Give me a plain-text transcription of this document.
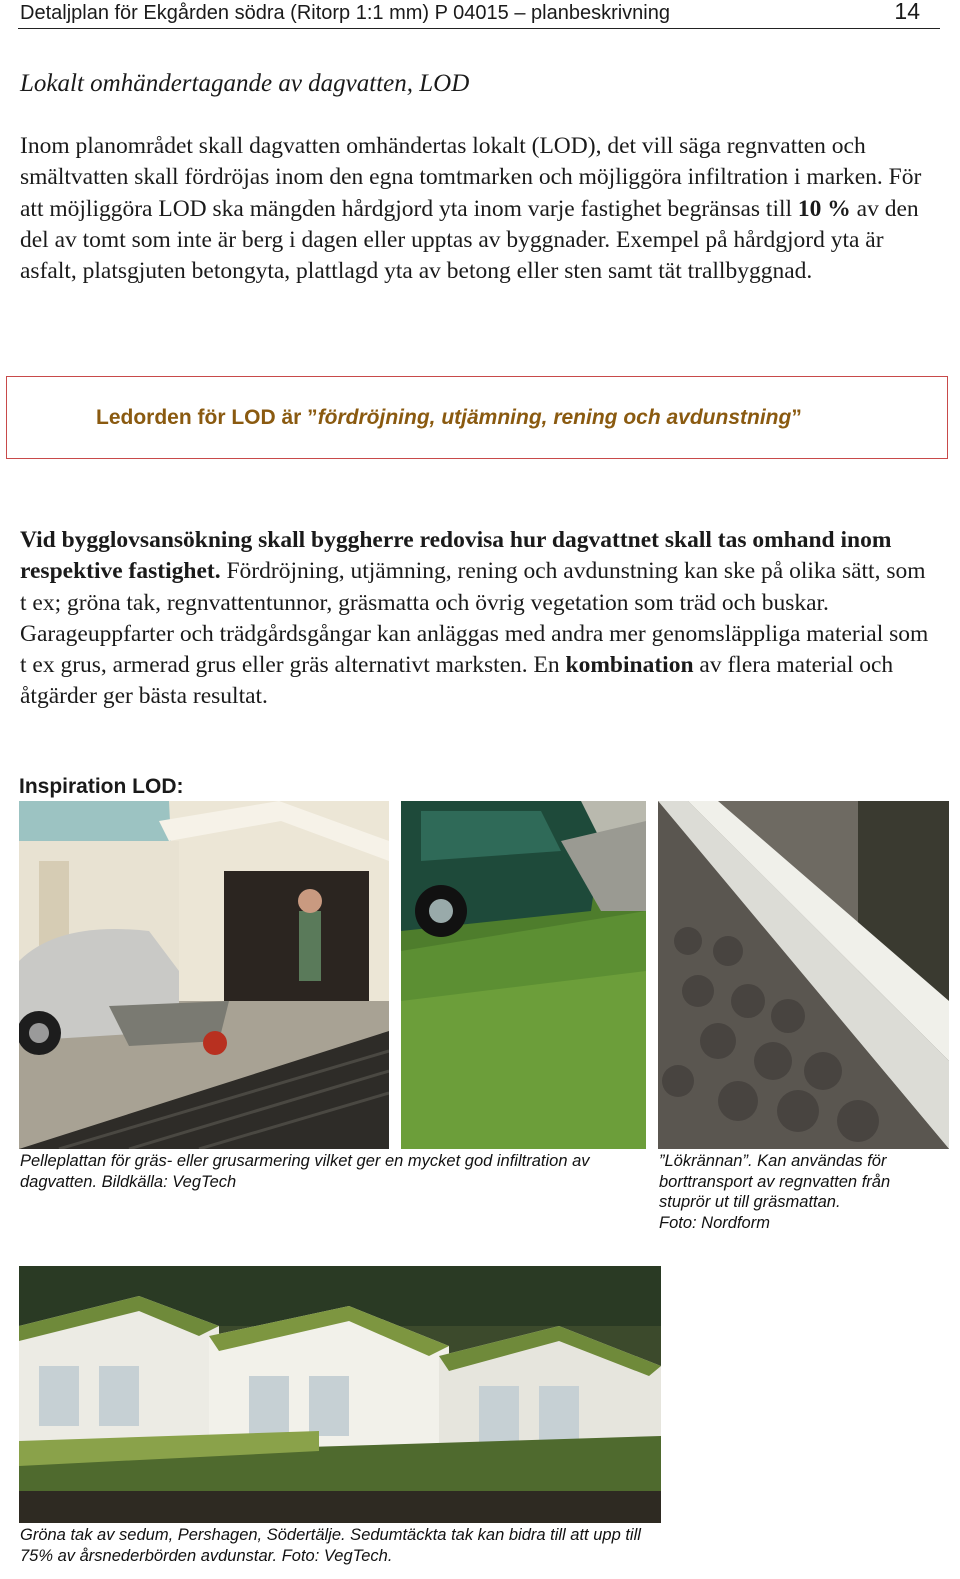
Detaljplan för Ekgården södra (Ritorp 1:1 mm) P 04015 – planbeskrivning	14
Lokalt omhändertagande av dagvatten, LOD
Inom planområdet skall dagvatten omhändertas lokalt (LOD), det vill säga regnvatten och smältvatten skall fördröjas inom den egna tomtmarken och möjliggöra infiltration i marken. För att möjliggöra LOD ska mängden hårdgjord yta inom varje fastighet begränsas till 10 % av den del av tomt som inte är berg i dagen eller upptas av byggnader. Exempel på hårdgjord yta är asfalt, platsgjuten betongyta, plattlagd yta av betong eller sten samt tät trallbyggnad.
Ledorden för LOD är ”fördröjning, utjämning, rening och avdunstning”
Vid bygglovsansökning skall byggherre redovisa hur dagvattnet skall tas omhand inom respektive fastighet. Fördröjning, utjämning, rening och avdunstning kan ske på olika sätt, som t ex; gröna tak, regnvattentunnor, gräsmatta och övrig vegetation som träd och buskar. Garageuppfarter och trädgårdsgångar kan anläggas med andra mer genomsläppliga material som t ex grus, armerad grus eller gräs alternativt marksten. En kombination av flera material och åtgärder ger bästa resultat.
Inspiration LOD:
Pelleplattan för gräs- eller grusarmering vilket ger en mycket god infiltration av dagvatten. Bildkälla: VegTech
”Lökrännan”. Kan användas för
borttransport av regnvatten från
stuprör ut till gräsmattan.
Foto: Nordform
Gröna tak av sedum, Pershagen, Södertälje. Sedumtäckta tak kan bidra till att upp till 75% av årsnederbörden avdunstar. Foto: VegTech.
